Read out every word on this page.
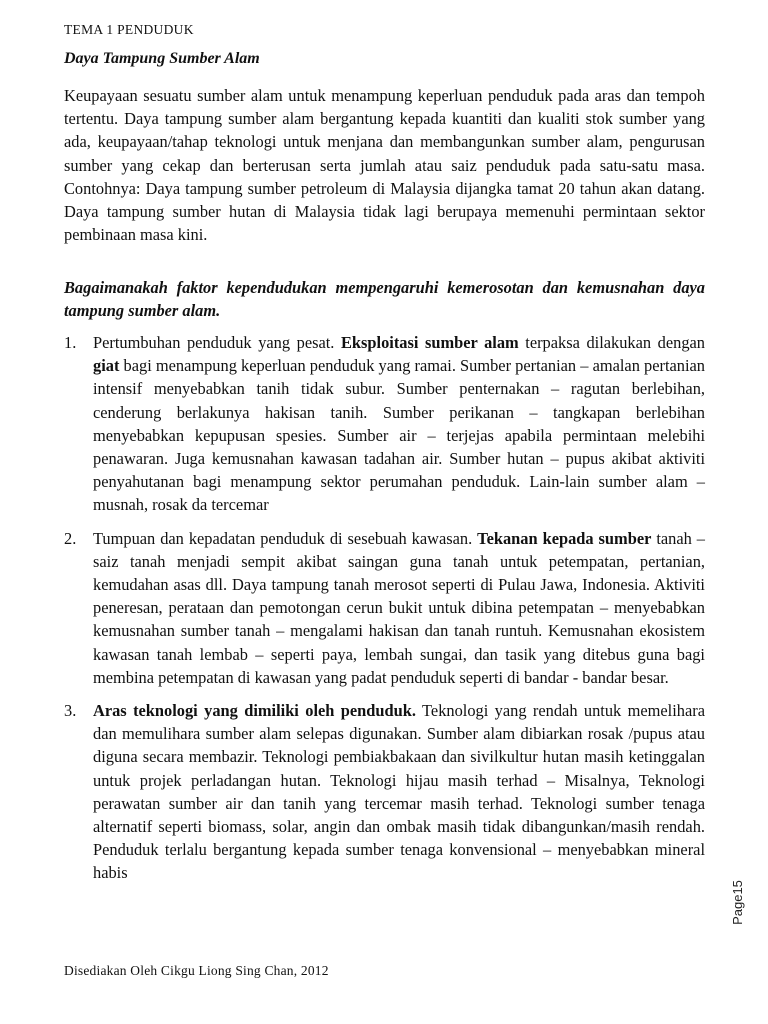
TEMA 1 PENDUDUK
Daya Tampung Sumber Alam

Keupayaan sesuatu sumber alam untuk menampung keperluan penduduk pada aras dan tempoh tertentu. Daya tampung sumber alam bergantung kepada kuantiti dan kualiti stok sumber yang ada, keupayaan/tahap teknologi untuk menjana dan membangunkan sumber alam, pengurusan sumber yang cekap dan berterusan serta jumlah atau saiz penduduk pada satu-satu masa. Contohnya: Daya tampung sumber petroleum di Malaysia dijangka tamat 20 tahun akan datang. Daya tampung sumber hutan di Malaysia tidak lagi berupaya memenuhi permintaan sektor pembinaan masa kini.

Bagaimanakah faktor kependudukan mempengaruhi kemerosotan dan kemusnahan daya tampung sumber alam.

1.	Pertumbuhan penduduk yang pesat. Eksploitasi sumber alam terpaksa dilakukan dengan giat bagi menampung keperluan penduduk yang ramai. Sumber pertanian – amalan pertanian intensif menyebabkan tanih tidak subur. Sumber penternakan – ragutan berlebihan, cenderung berlakunya hakisan tanih. Sumber perikanan – tangkapan berlebihan menyebabkan kepupusan spesies. Sumber air – terjejas apabila permintaan melebihi penawaran. Juga kemusnahan kawasan tadahan air. Sumber hutan – pupus akibat aktiviti penyahutanan bagi menampung sektor perumahan penduduk. Lain-lain sumber alam – musnah, rosak da tercemar
2.	Tumpuan dan kepadatan penduduk di sesebuah kawasan. Tekanan kepada sumber tanah – saiz tanah menjadi sempit akibat saingan guna tanah untuk petempatan, pertanian, kemudahan asas dll. Daya tampung tanah merosot seperti di Pulau Jawa, Indonesia. Aktiviti peneresan, perataan dan pemotongan cerun bukit untuk dibina petempatan – menyebabkan kemusnahan sumber tanah – mengalami hakisan dan tanah runtuh. Kemusnahan ekosistem kawasan tanah lembab – seperti paya, lembah sungai, dan tasik yang ditebus guna bagi membina petempatan di kawasan yang padat penduduk seperti di bandar - bandar besar.
3.	Aras teknologi yang dimiliki oleh penduduk. Teknologi yang rendah untuk memelihara dan memulihara sumber alam selepas digunakan. Sumber alam dibiarkan rosak /pupus atau diguna secara membazir. Teknologi pembiakbakaan dan sivilkultur hutan masih ketinggalan untuk projek perladangan hutan. Teknologi hijau masih terhad – Misalnya, Teknologi perawatan sumber air dan tanih yang tercemar masih terhad. Teknologi sumber tenaga alternatif seperti biomass, solar, angin dan ombak masih tidak dibangunkan/masih rendah. Penduduk terlalu bergantung kepada sumber tenaga konvensional – menyebabkan mineral habis
Page15
Disediakan Oleh Cikgu Liong Sing Chan, 2012
